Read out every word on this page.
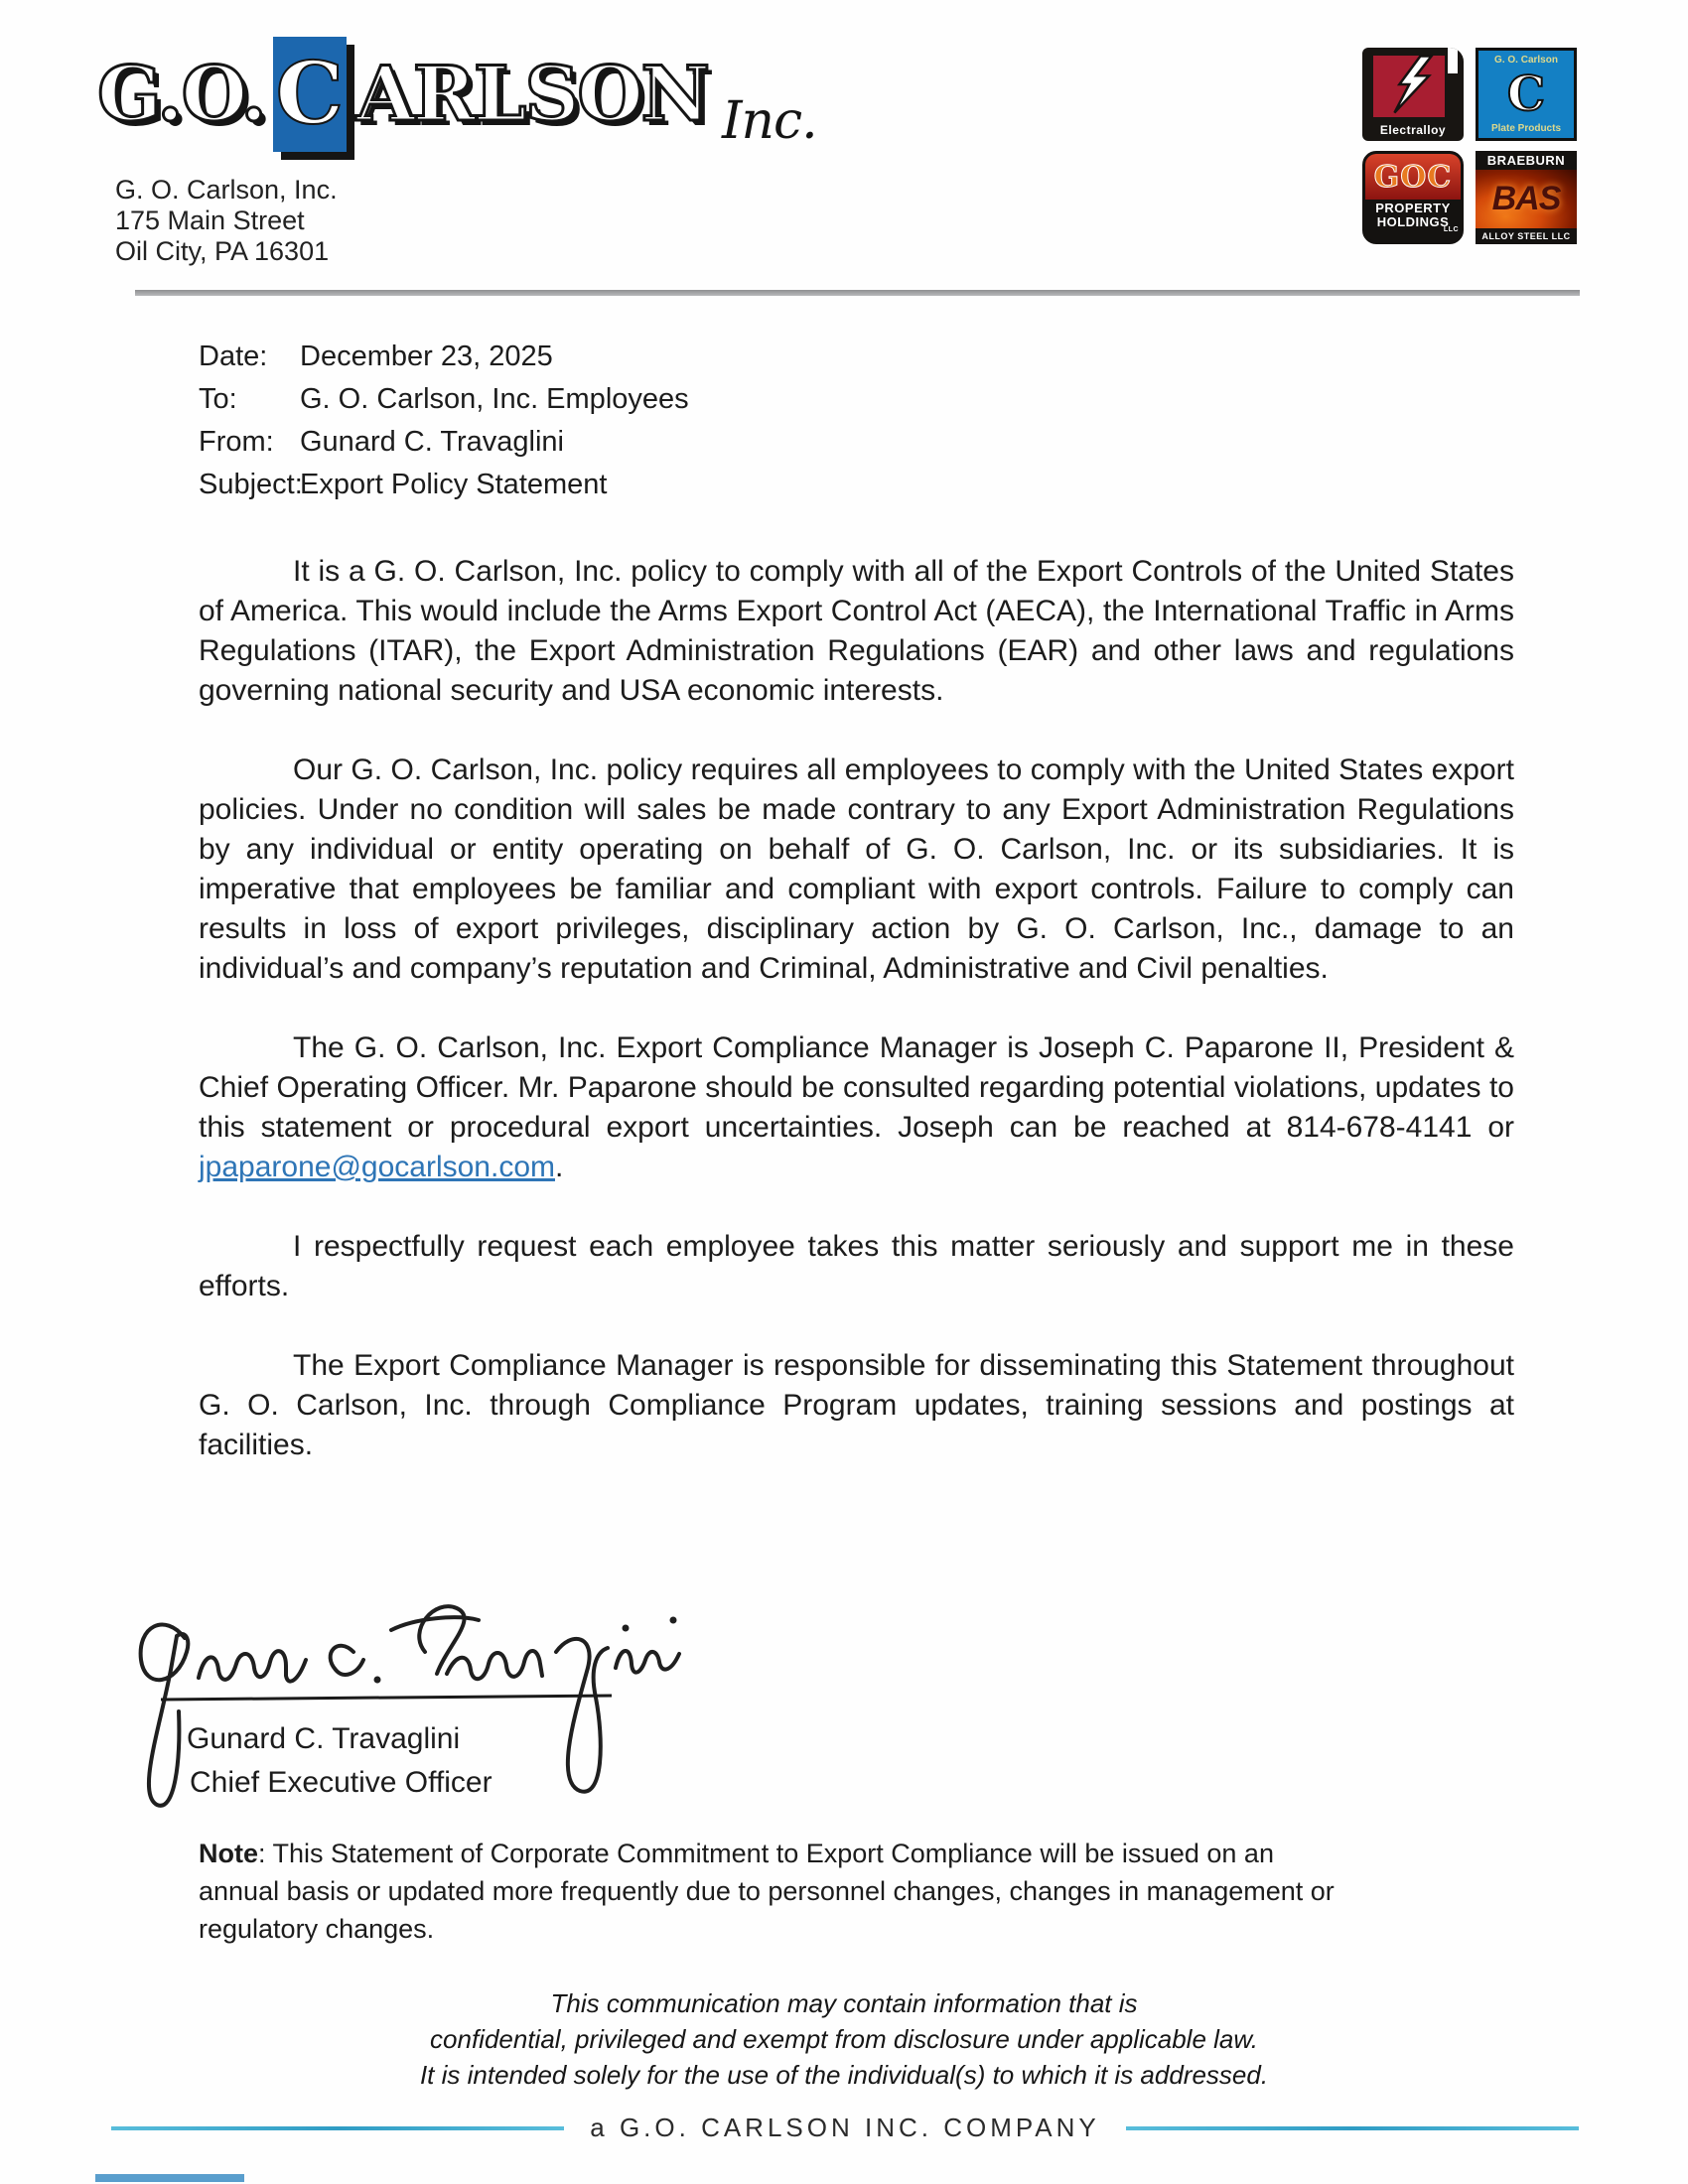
G.O. C ARLSON Inc.
G. O. Carlson, Inc.
175 Main Street
Oil City, PA 16301
Electralloy
G. O. Carlson
C
Plate Products
GOC
PROPERTY
HOLDINGS
LLC
BRAEBURN
BAS
ALLOY STEEL LLC
Date:	December 23, 2025
To:	G. O. Carlson, Inc. Employees
From: Gunard C. Travaglini
Subject:
Export Policy Statement

It is a G. O. Carlson, Inc. policy to comply with all of the Export Controls of the United States of America. This would include the Arms Export Control Act (AECA), the International Traffic in Arms Regulations (ITAR), the Export Administration Regulations (EAR) and other laws and regulations governing national security and USA economic interests.

Our G. O. Carlson, Inc. policy requires all employees to comply with the United States export policies. Under no condition will sales be made contrary to any Export Administration Regulations by any individual or entity operating on behalf of G. O. Carlson, Inc. or its subsidiaries. It is imperative that employees be familiar and compliant with export controls. Failure to comply can results in loss of export privileges, disciplinary action by G. O. Carlson, Inc., damage to an individual’s and company’s reputation and Criminal, Administrative and Civil penalties.

The G. O. Carlson, Inc. Export Compliance Manager is Joseph C. Paparone II, President & Chief Operating Officer. Mr. Paparone should be consulted regarding potential violations, updates to this statement or procedural export uncertainties. Joseph can be reached at 814-678-4141 or jpaparone@gocarlson.com.

I respectfully request each employee takes this matter seriously and support me in these efforts.

The Export Compliance Manager is responsible for disseminating this Statement throughout G. O. Carlson, Inc. through Compliance Program updates, training sessions and postings at facilities.

Gunard C. Travaglini
Chief Executive Officer
Note: This Statement of Corporate Commitment to Export Compliance will be issued on an annual basis or updated more frequently due to personnel changes, changes in management or regulatory changes.
This communication may contain information that is
confidential, privileged and exempt from disclosure under applicable law.
It is intended solely for the use of the individual(s) to which it is addressed.
a G.O. CARLSON INC. COMPANY
